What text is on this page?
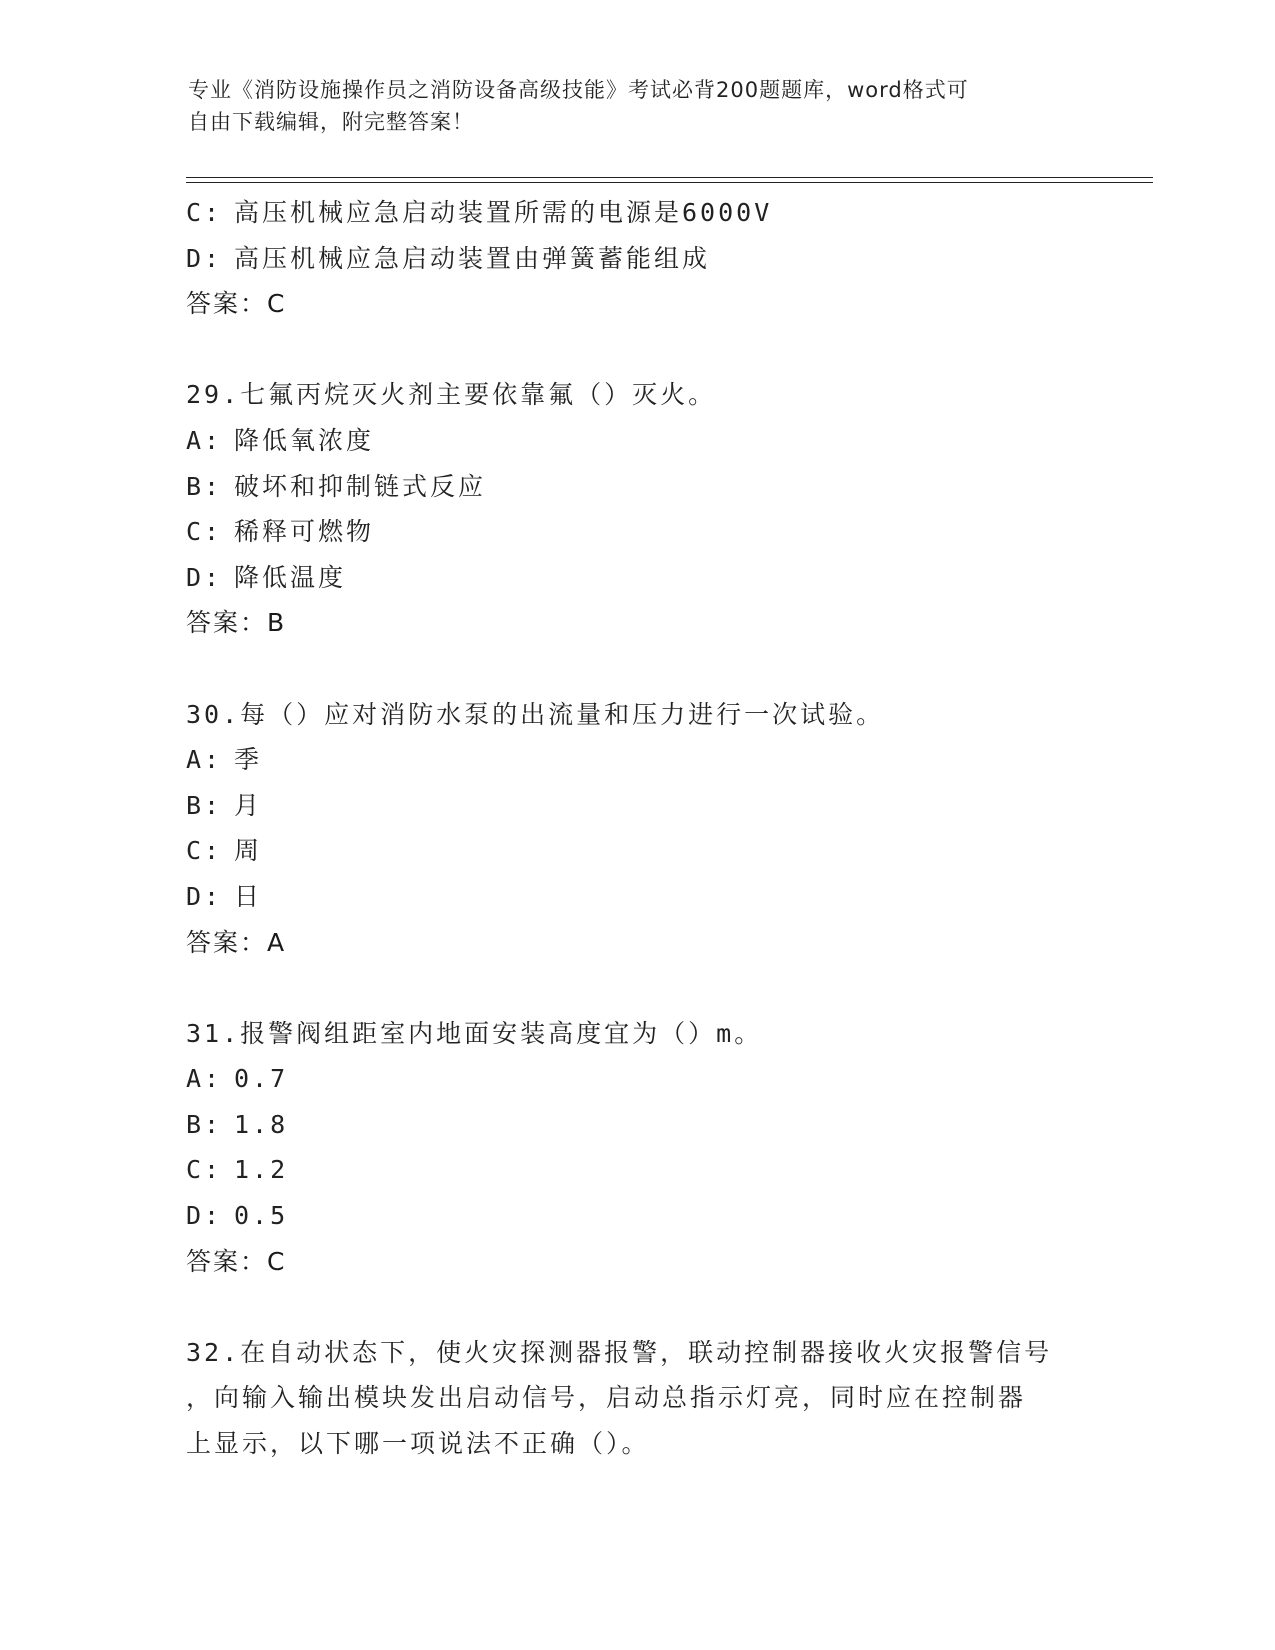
专业《消防设施操作员之消防设备高级技能》考试必背200题题库，word格式可
自由下载编辑，附完整答案！
C: 高压机械应急启动装置所需的电源是6000V
D: 高压机械应急启动装置由弹簧蓄能组成
答案：C
29.七氟丙烷灭火剂主要依靠氟（）灭火。
A: 降低氧浓度
B: 破坏和抑制链式反应
C: 稀释可燃物
D: 降低温度
答案：B
30.每（）应对消防水泵的出流量和压力进行一次试验。
A: 季
B: 月
C: 周
D: 日
答案：A
31.报警阀组距室内地面安装高度宜为（）m。
A: 0.7
B: 1.8
C: 1.2
D: 0.5
答案：C
32.在自动状态下，使火灾探测器报警，联动控制器接收火灾报警信号
，向输入输出模块发出启动信号，启动总指示灯亮，同时应在控制器
上显示，以下哪一项说法不正确（）。
